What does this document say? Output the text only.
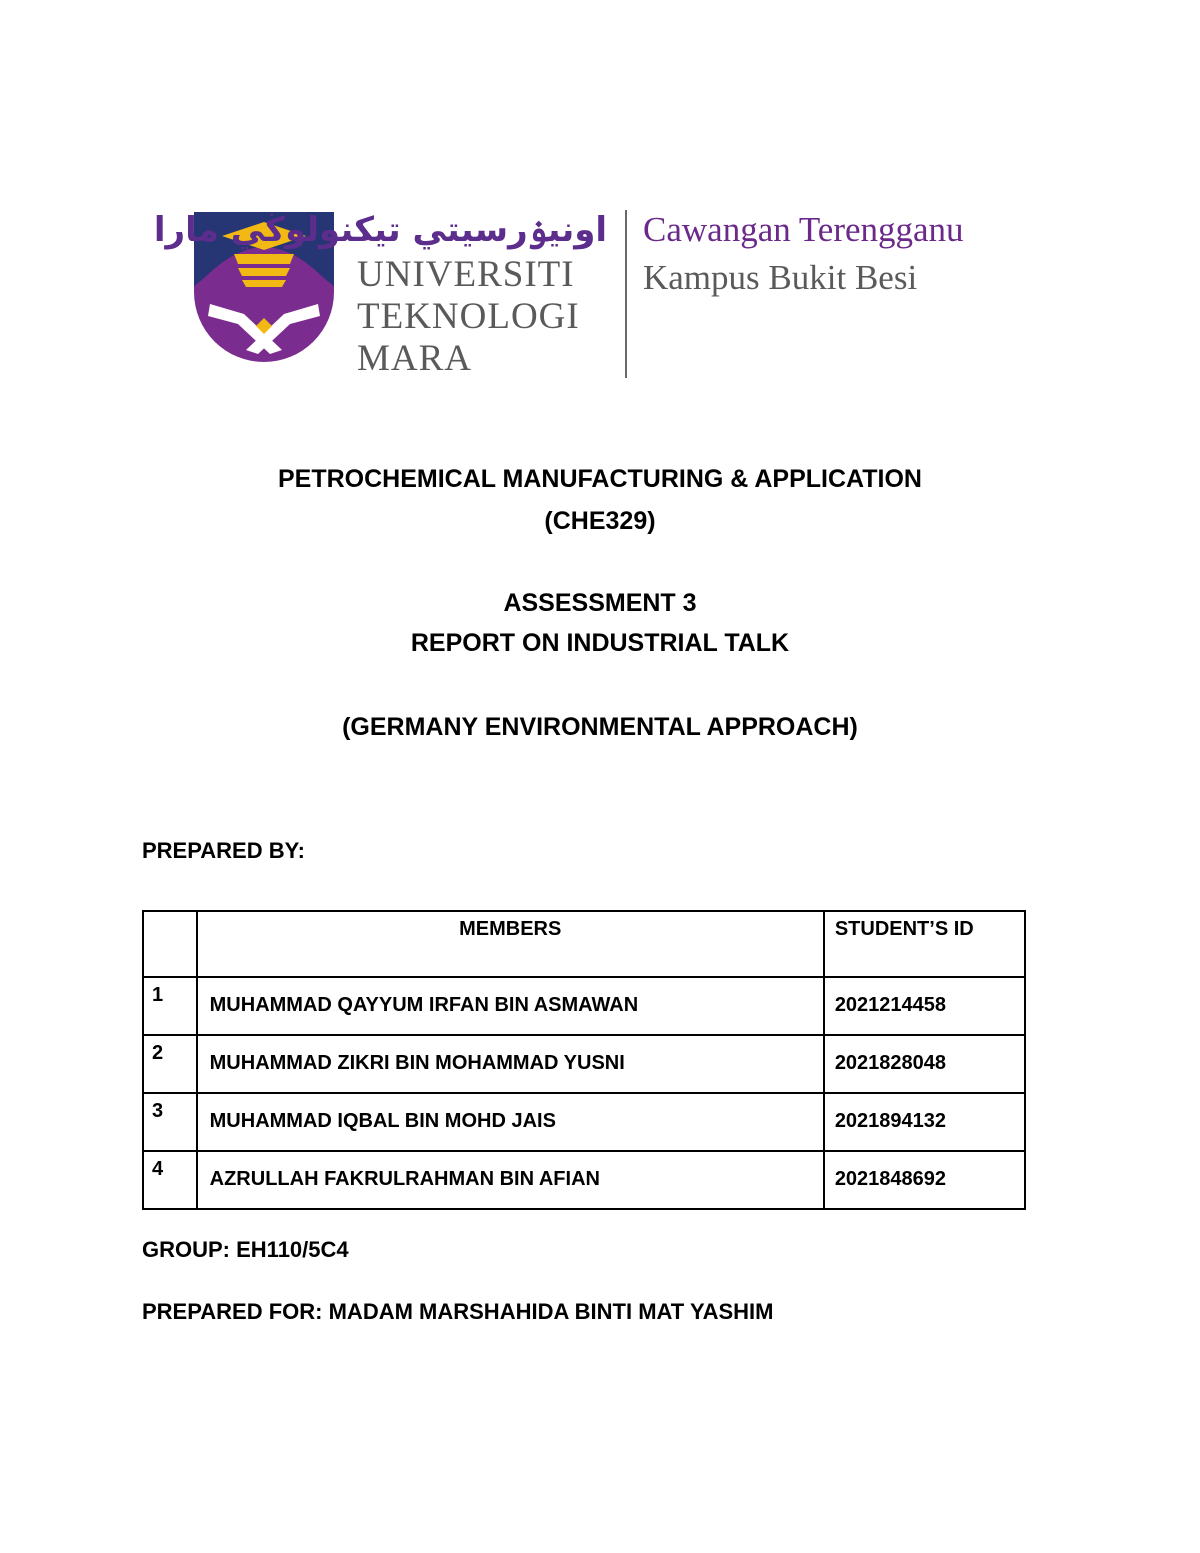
اونيۏرسيتي تيكنولوڬي مارا
UNIVERSITI
TEKNOLOGI
MARA
Cawangan Terengganu
Kampus Bukit Besi
PETROCHEMICAL MANUFACTURING & APPLICATION
(CHE329)
ASSESSMENT 3
REPORT ON INDUSTRIAL TALK
(GERMANY ENVIRONMENTAL APPROACH)
PREPARED BY:

	MEMBERS	STUDENT’S ID

1	MUHAMMAD QAYYUM IRFAN BIN ASMAWAN	2021214458

2	MUHAMMAD ZIKRI BIN MOHAMMAD YUSNI	2021828048

3	MUHAMMAD IQBAL BIN MOHD JAIS	2021894132

4	AZRULLAH FAKRULRAHMAN BIN AFIAN	2021848692
GROUP: EH110/5C4
PREPARED FOR: MADAM MARSHAHIDA BINTI MAT YASHIM
